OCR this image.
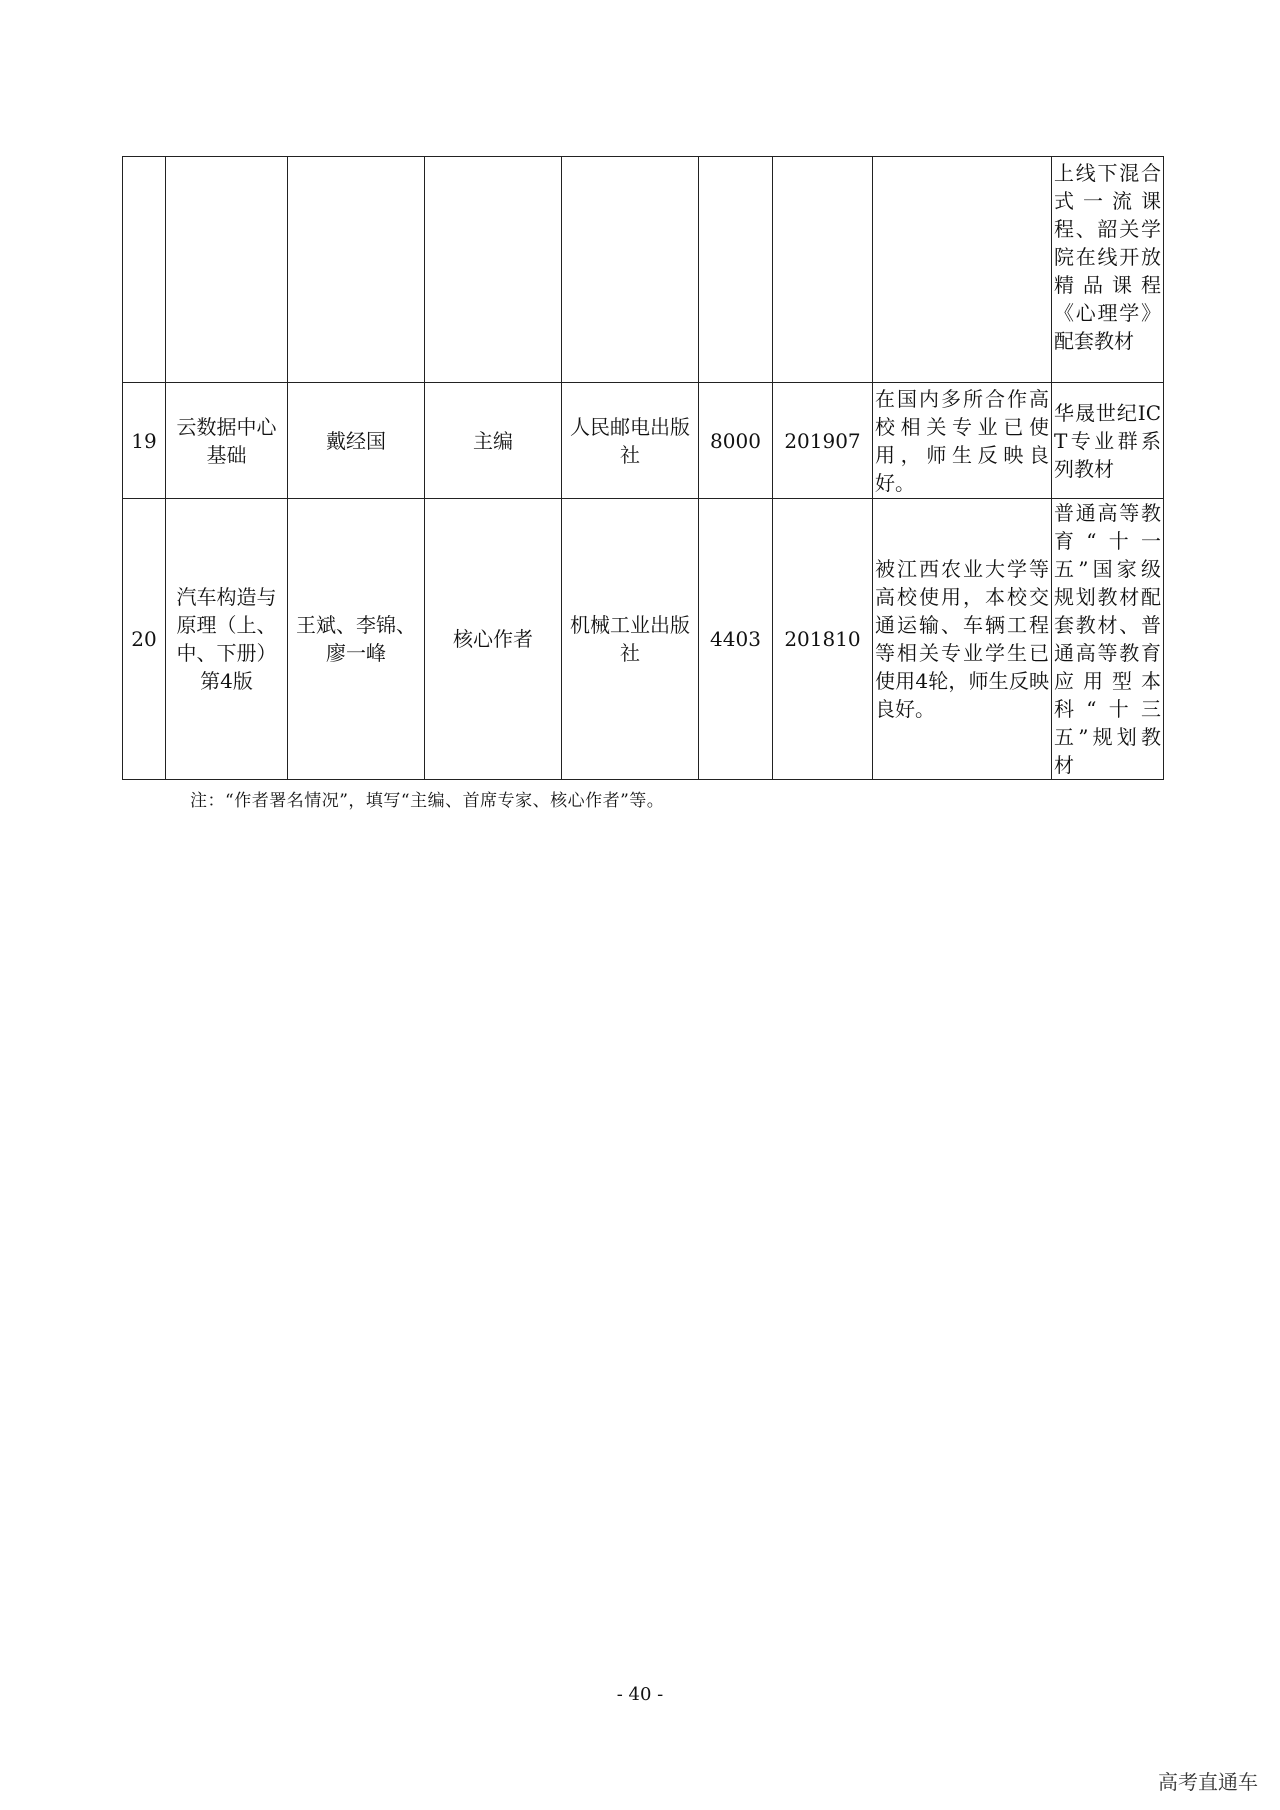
								上线下混合式一流课程、韶关学院在线开放精品课程《心理学》配套教材
19	云数据中心基础	戴经国	主编	人民邮电出版社	8000	201907	在国内多所合作高校相关专业已使用，师生反映良好。	华晟世纪ICT专业群系列教材
20	汽车构造与原理（上、中、下册）第4版	王斌、李锦、廖一峰	核心作者	机械工业出版社	4403	201810	被江西农业大学等高校使用，本校交通运输、车辆工程等相关专业学生已使用4轮，师生反映良好。	普通高等教育“十一五”国家级规划教材配套教材、普通高等教育应用型本科“十三五”规划教材
注：“作者署名情况”，填写“主编、首席专家、核心作者”等。
- 40 -
高考直通车
